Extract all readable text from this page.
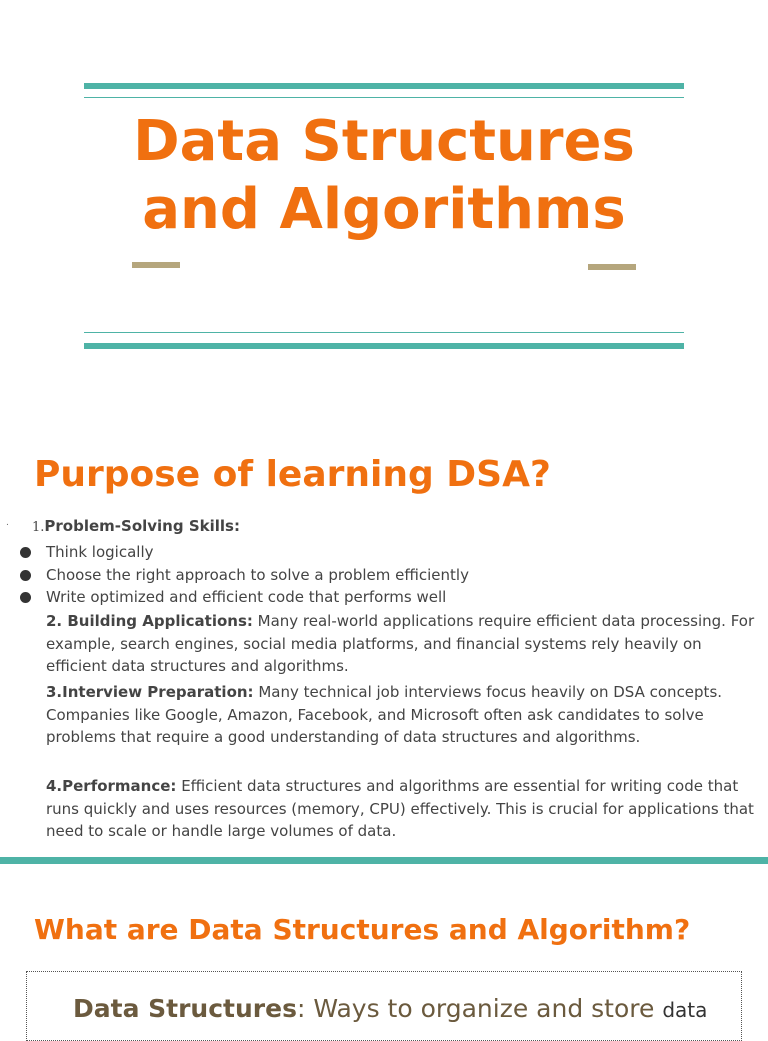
Data Structures
and Algorithms
Purpose of learning DSA?
. 1.Problem-Solving Skills:
Think logically
Choose the right approach to solve a problem efficiently
Write optimized and efficient code that performs well
2. Building Applications: Many real-world applications require efficient data processing. For example, search engines, social media platforms, and financial systems rely heavily on efficient data structures and algorithms.
3.Interview Preparation: Many technical job interviews focus heavily on DSA concepts. Companies like Google, Amazon, Facebook, and Microsoft often ask candidates to solve problems that require a good understanding of data structures and algorithms.
4.Performance: Efficient data structures and algorithms are essential for writing code that runs quickly and uses resources (memory, CPU) effectively. This is crucial for applications that need to scale or handle large volumes of data.
What are Data Structures and Algorithm?
Data Structures: Ways to organize and store data
